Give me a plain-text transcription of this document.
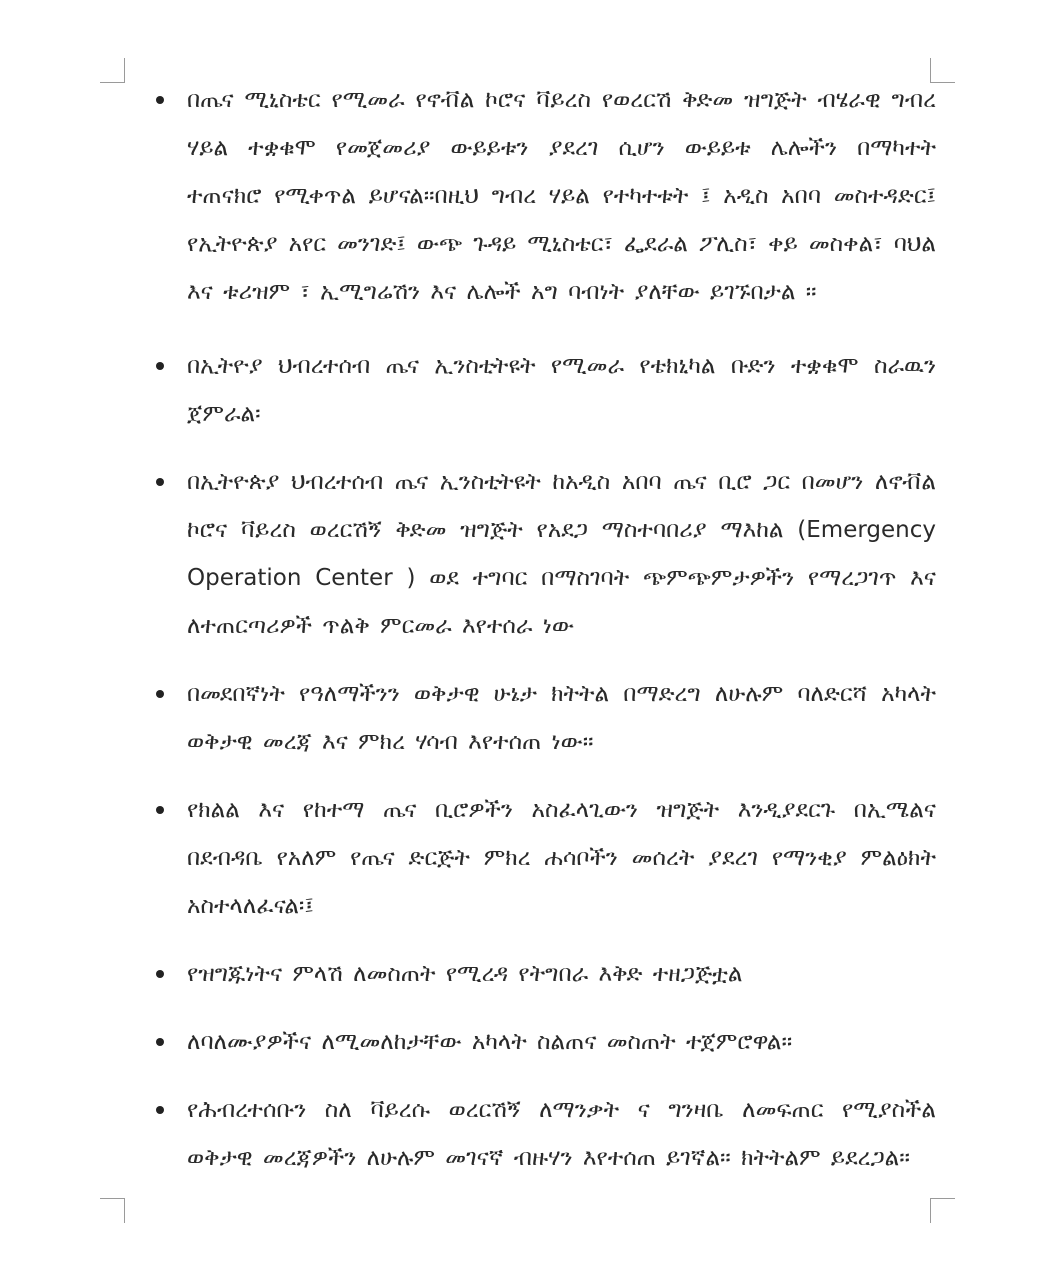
በጤና ሚኒስቴር የሚመራ የኖቭል ኮሮና ቫይረስ የወረርሽ ቅድመ ዝግጅት ብሄራዊ ግብረ ሃይል ተቋቁሞ የመጀመሪያ ውይይቱን ያደረገ ሲሆን ውይይቱ ሌሎችን በማካተት ተጠናክሮ የሚቀጥል ይሆናል።በዚህ ግብረ ሃይል የተካተቱት ፤ አዲስ አበባ መስተዳድር፤ የኢትዮጵያ አየር መንገድ፤ ውጭ ጉዳይ ሚኒስቴር፣ ፌደራል ፖሊስ፣ ቀይ መስቀል፣ ባህል እና ቱሪዝም ፣ ኢሚግሬሽን እና ሌሎች አግ ባብነት ያለቸው ይገኙበታል ።
በኢትዮያ ህብረተሰብ ጤና ኢንስቲትዩት የሚመራ የቴክኒካል ቡድን ተቋቁሞ ስራዉን ጀምራል፡
በኢትዮጵያ ህብረተሰብ ጤና ኢንስቲትዩት ከአዲስ አበባ ጤና ቢሮ ጋር በመሆን ለኖቭል ኮሮና ቫይረስ ወረርሽኝ ቅድመ ዝግጅት የአደጋ ማስተባበሪያ ማእከል (Emergency Operation Center ) ወደ ተግባር በማስገባት ጭምጭምታዎችን የማረጋገጥ እና ለተጠርጣሪዎች ጥልቅ ምርመራ እየተሰራ ነው
በመደበኛነት የዓለማችንን ወቅታዊ ሁኔታ ክትትል በማድረግ ለሁሉም ባለድርሻ አካላት ወቅታዊ መረጃ እና ምክረ ሃሳብ እየተሰጠ ነው።
የክልል እና የከተማ ጤና ቢሮዎችን አስፈላጊውን ዝግጅት እንዲያደርጉ በኢሜልና በደብዳቤ የአለም የጤና ድርጅት ምክረ ሐሳቦችን መሰረት ያደረገ የማንቂያ ምልዕክት አስተላለፈናል፡፤
የዝግጁነትና ምላሽ ለመስጠት የሚረዳ የትግበራ እቅድ ተዘጋጅቷል
ለባለሙያዎችና ለሚመለከታቸው አካላት ስልጠና መስጠት ተጀምሮዋል።
የሕብረተሰቡን ስለ ቫይረሱ ወረርሽኝ ለማንቃት ና ግንዛቤ ለመፍጠር የሚያስችል ወቅታዊ መረጃዎችን ለሁሉም መገናኛ ብዙሃን እየተሰጠ ይገኛል። ክትትልም ይደረጋል።
